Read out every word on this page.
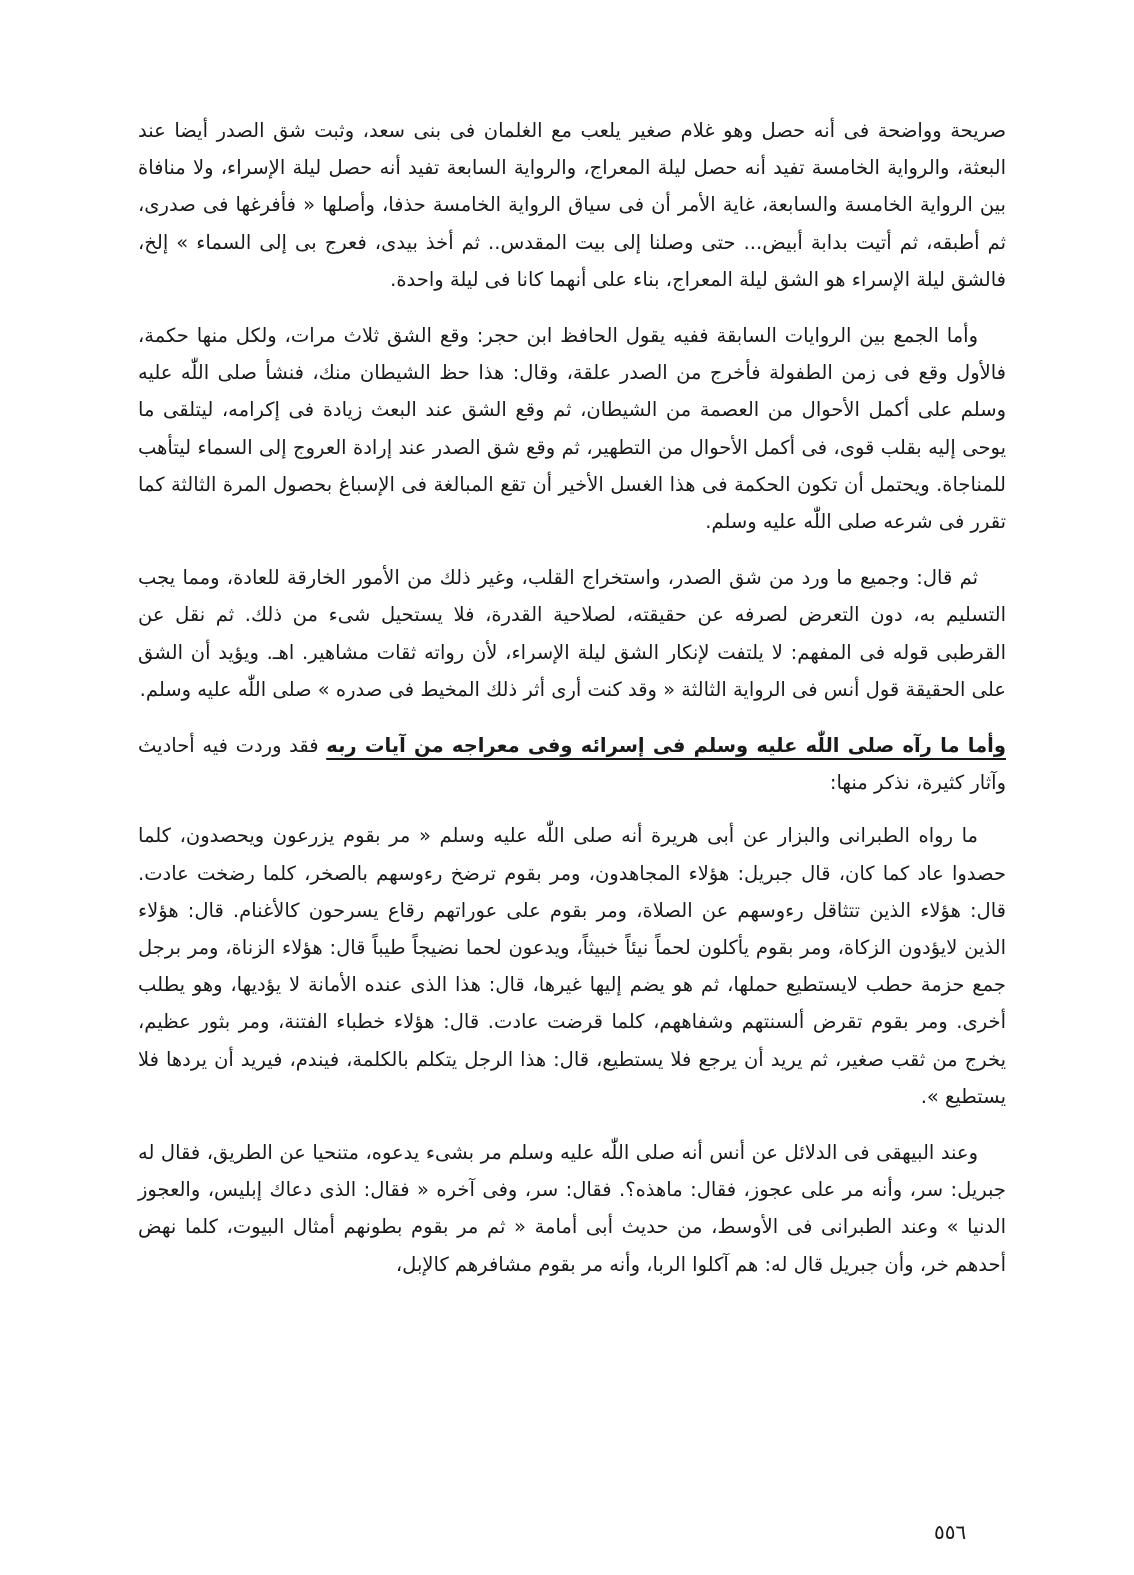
صريحة وواضحة فى أنه حصل وهو غلام صغير يلعب مع الغلمان فى بنى سعد، وثبت شق الصدر أيضا عند البعثة، والرواية الخامسة تفيد أنه حصل ليلة المعراج، والرواية السابعة تفيد أنه حصل ليلة الإسراء، ولا منافاة بين الرواية الخامسة والسابعة، غاية الأمر أن فى سياق الرواية الخامسة حذفا، وأصلها « فأفرغها فى صدرى، ثم أطبقه، ثم أتيت بدابة أبيض... حتى وصلنا إلى بيت المقدس.. ثم أخذ بيدى، فعرج بى إلى السماء » إلخ، فالشق ليلة الإسراء هو الشق ليلة المعراج، بناء على أنهما كانا فى ليلة واحدة.

وأما الجمع بين الروايات السابقة ففيه يقول الحافظ ابن حجر: وقع الشق ثلاث مرات، ولكل منها حكمة، فالأول وقع فى زمن الطفولة فأخرج من الصدر علقة، وقال: هذا حظ الشيطان منك، فنشأ صلى اللّٰه عليه وسلم على أكمل الأحوال من العصمة من الشيطان، ثم وقع الشق عند البعث زيادة فى إكرامه، ليتلقى ما يوحى إليه بقلب قوى، فى أكمل الأحوال من التطهير، ثم وقع شق الصدر عند إرادة العروج إلى السماء ليتأهب للمناجاة. ويحتمل أن تكون الحكمة فى هذا الغسل الأخير أن تقع المبالغة فى الإسباغ بحصول المرة الثالثة كما تقرر فى شرعه صلى اللّٰه عليه وسلم.

ثم قال: وجميع ما ورد من شق الصدر، واستخراج القلب، وغير ذلك من الأمور الخارقة للعادة، ومما يجب التسليم به، دون التعرض لصرفه عن حقيقته، لصلاحية القدرة، فلا يستحيل شىء من ذلك. ثم نقل عن القرطبى قوله فى المفهم: لا يلتفت لإنكار الشق ليلة الإسراء، لأن رواته ثقات مشاهير. اهـ. ويؤيد أن الشق على الحقيقة قول أنس فى الرواية الثالثة « وقد كنت أرى أثر ذلك المخيط فى صدره » صلى اللّٰه عليه وسلم.

وأما ما رآه صلى اللّٰه عليه وسلم فى إسرائه وفى معراجه من آيات ربه فقد وردت فيه أحاديث وآثار كثيرة، نذكر منها:

ما رواه الطبرانى والبزار عن أبى هريرة أنه صلى اللّٰه عليه وسلم « مر بقوم يزرعون ويحصدون، كلما حصدوا عاد كما كان، قال جبريل: هؤلاء المجاهدون، ومر بقوم ترضخ رءوسهم بالصخر، كلما رضخت عادت. قال: هؤلاء الذين تتثاقل رءوسهم عن الصلاة، ومر بقوم على عوراتهم رقاع يسرحون كالأغنام. قال: هؤلاء الذين لايؤدون الزكاة، ومر بقوم يأكلون لحماً نيئاً خبيثاً، ويدعون لحما نضيجاً طيباً قال: هؤلاء الزناة، ومر برجل جمع حزمة حطب لايستطيع حملها، ثم هو يضم إليها غيرها، قال: هذا الذى عنده الأمانة لا يؤديها، وهو يطلب أخرى. ومر بقوم تقرض ألسنتهم وشفاههم، كلما قرضت عادت. قال: هؤلاء خطباء الفتنة، ومر بثور عظيم، يخرج من ثقب صغير، ثم يريد أن يرجع فلا يستطيع، قال: هذا الرجل يتكلم بالكلمة، فيندم، فيريد أن يردها فلا يستطيع ».

وعند البيهقى فى الدلائل عن أنس أنه صلى اللّٰه عليه وسلم مر بشىء يدعوه، متنحيا عن الطريق، فقال له جبريل: سر، وأنه مر على عجوز، فقال: ماهذه؟. فقال: سر، وفى آخره « فقال: الذى دعاك إبليس، والعجوز الدنيا » وعند الطبرانى فى الأوسط، من حديث أبى أمامة « ثم مر بقوم بطونهم أمثال البيوت، كلما نهض أحدهم خر، وأن جبريل قال له: هم آكلوا الربا، وأنه مر بقوم مشافرهم كالإبل،

٥٥٦
